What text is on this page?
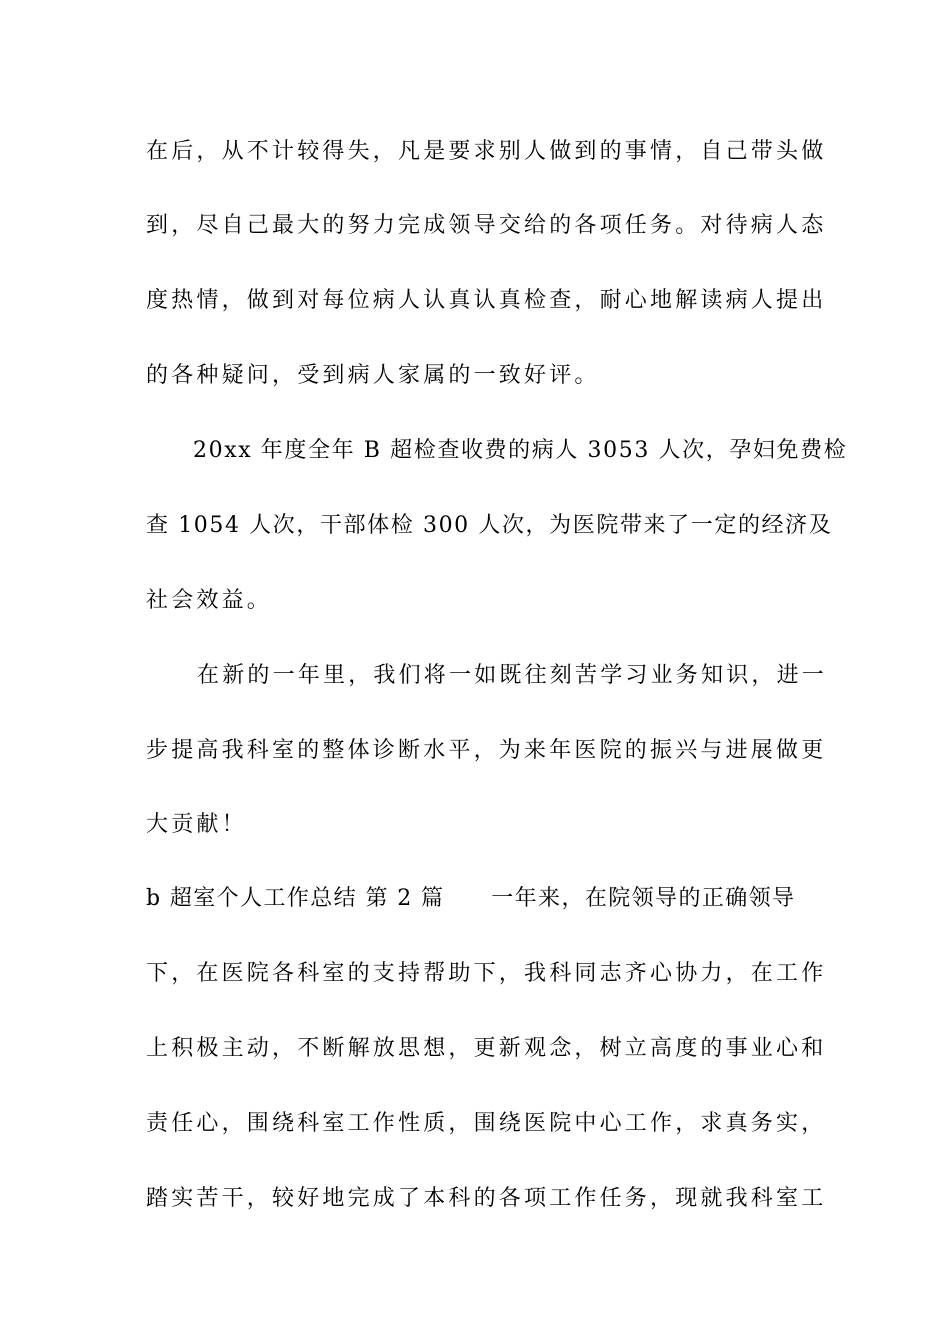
在后，从不计较得失，凡是要求别人做到的事情，自己带头做
到，尽自己最大的努力完成领导交给的各项任务。对待病人态
度热情，做到对每位病人认真认真检查，耐心地解读病人提出
的各种疑问，受到病人家属的一致好评。
20xx 年度全年 B 超检查收费的病人 3053 人次，孕妇免费检
查 1054 人次，干部体检 300 人次，为医院带来了一定的经济及
社会效益。
在新的一年里，我们将一如既往刻苦学习业务知识，进一
步提高我科室的整体诊断水平，为来年医院的振兴与进展做更
大贡献！
b 超室个人工作总结 第 2 篇　　一年来，在院领导的正确领导
下，在医院各科室的支持帮助下，我科同志齐心协力，在工作
上积极主动，不断解放思想，更新观念，树立高度的事业心和
责任心，围绕科室工作性质，围绕医院中心工作，求真务实，
踏实苦干，较好地完成了本科的各项工作任务，现就我科室工
